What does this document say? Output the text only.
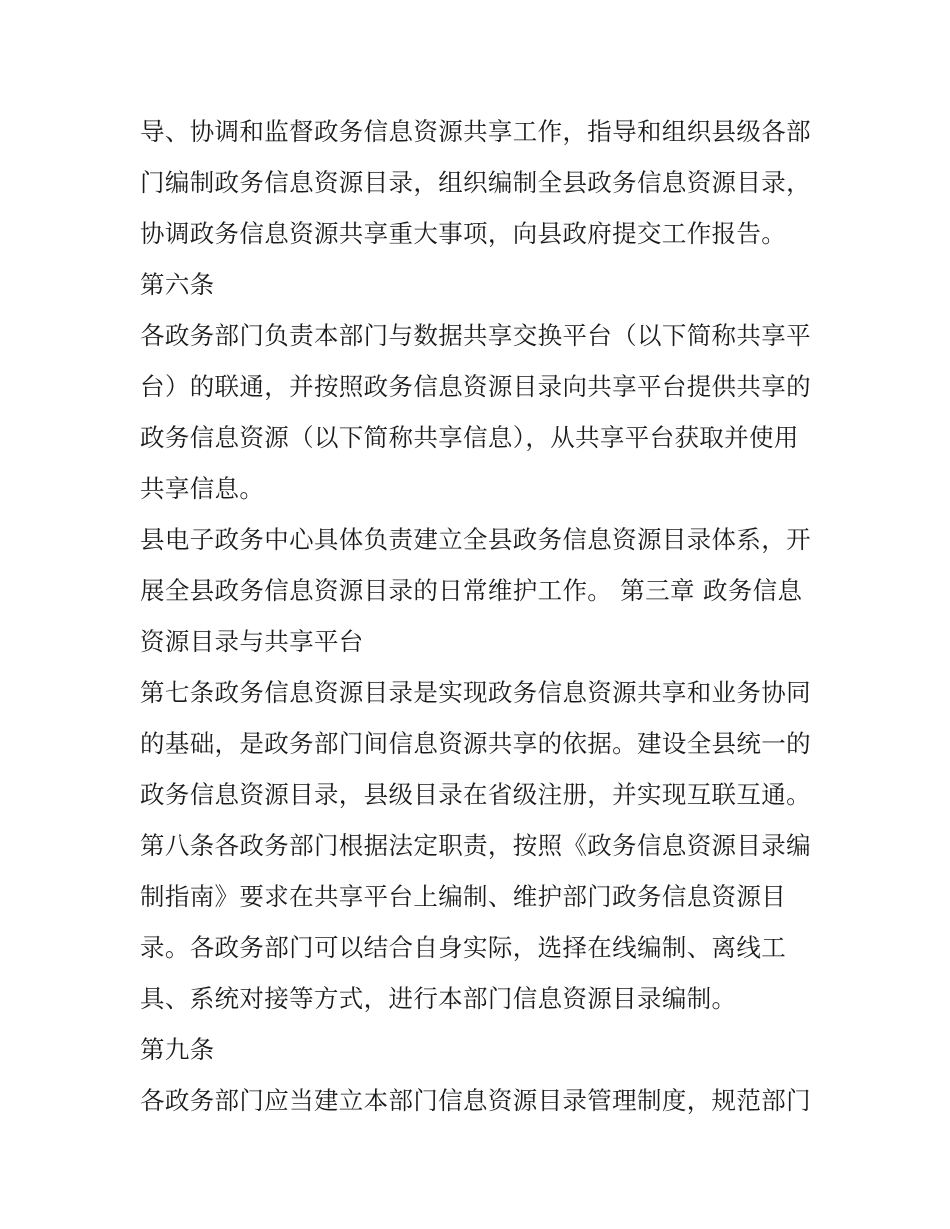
导、协调和监督政务信息资源共享工作，指导和组织县级各部
门编制政务信息资源目录，组织编制全县政务信息资源目录，
协调政务信息资源共享重大事项，向县政府提交工作报告。
第六条
各政务部门负责本部门与数据共享交换平台（以下简称共享平
台）的联通，并按照政务信息资源目录向共享平台提供共享的
政务信息资源（以下简称共享信息），从共享平台获取并使用
共享信息。
县电子政务中心具体负责建立全县政务信息资源目录体系，开
展全县政务信息资源目录的日常维护工作。 第三章 政务信息
资源目录与共享平台
第七条政务信息资源目录是实现政务信息资源共享和业务协同
的基础，是政务部门间信息资源共享的依据。建设全县统一的
政务信息资源目录，县级目录在省级注册，并实现互联互通。
第八条各政务部门根据法定职责，按照《政务信息资源目录编
制指南》要求在共享平台上编制、维护部门政务信息资源目
录。各政务部门可以结合自身实际，选择在线编制、离线工
具、系统对接等方式，进行本部门信息资源目录编制。
第九条
各政务部门应当建立本部门信息资源目录管理制度，规范部门
